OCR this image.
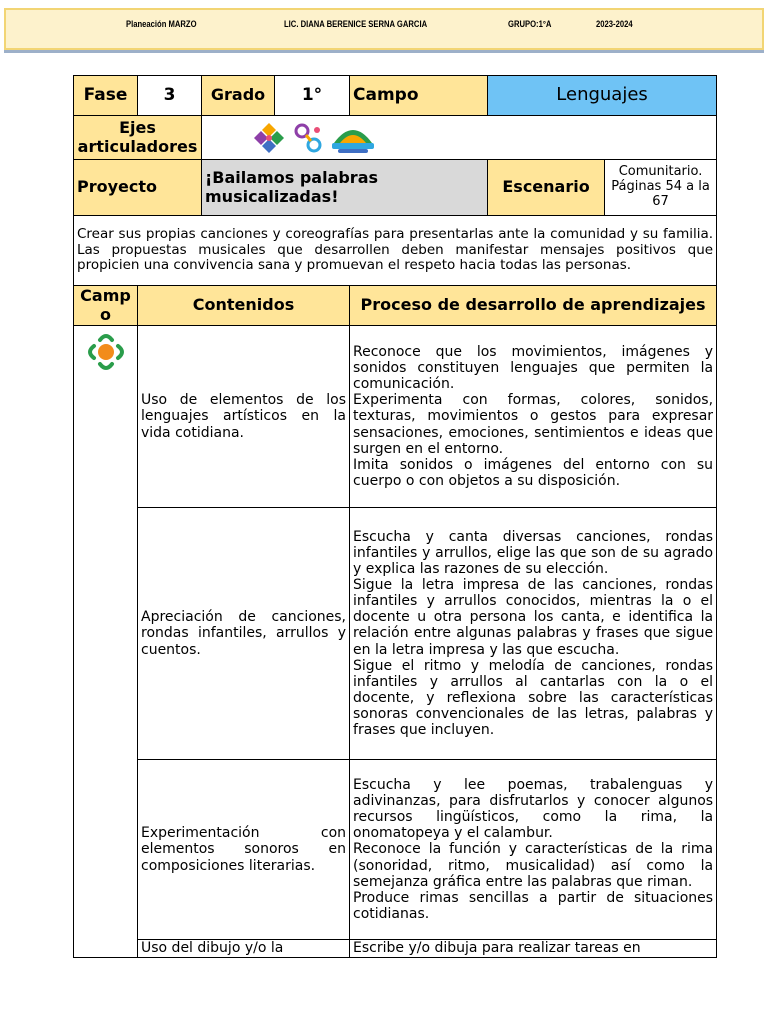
Planeación MARZO	LIC. DIANA BERENICE SERNA GARCIA	GRUPO:1°A	2023-2024
Fase	3	Grado	1°	Campo	Lenguajes	
Ejes articuladores	
Proyecto		¡Bailamos palabras musicalizadas!			Escenario	Comunitario. Páginas 54 a la 67
Crear sus propias canciones y coreografías para presentarlas ante la comunidad y su familia. Las propuestas musicales que desarrollen deben manifestar mensajes positivos que propicien una convivencia sana y promuevan el respeto hacia todas las personas.						
Campo	Contenidos			Proceso de desarrollo de aprendizajes		
	Uso de elementos de los lenguajes artísticos en la vida cotidiana.			Reconoce que los movimientos, imágenes y sonidos constituyen lenguajes que permiten la comunicación.
Experimenta con formas, colores, sonidos, texturas, movimientos o gestos para expresar sensaciones, emociones, sentimientos e ideas que surgen en el entorno.
Imita sonidos o imágenes del entorno con su cuerpo o con objetos a su disposición.		

	Apreciación de canciones, rondas infantiles, arrullos y cuentos.			Escucha y canta diversas canciones, rondas infantiles y arrullos, elige las que son de su agrado y explica las razones de su elección.
Sigue la letra impresa de las canciones, rondas infantiles y arrullos conocidos, mientras la o el docente u otra persona los canta, e identifica la relación entre algunas palabras y frases que sigue en la letra impresa y las que escucha.
Sigue el ritmo y melodía de canciones, rondas infantiles y arrullos al cantarlas con la o el docente, y reflexiona sobre las características sonoras convencionales de las letras, palabras y frases que incluyen.		

	Experimentación con elementos sonoros en composiciones literarias.			Escucha y lee poemas, trabalenguas y adivinanzas, para disfrutarlos y conocer algunos recursos lingüísticos, como la rima, la onomatopeya y el calambur.
Reconoce la función y características de la rima (sonoridad, ritmo, musicalidad) así como la semejanza gráfica entre las palabras que riman.
Produce rimas sencillas a partir de situaciones cotidianas.		

	Uso del dibujo y/o la			Escribe y/o dibuja para realizar tareas en		
